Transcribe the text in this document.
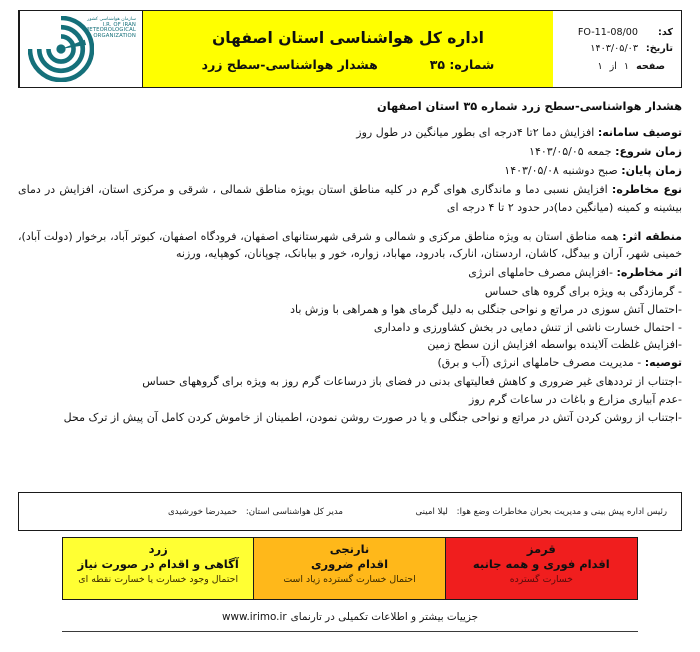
کد:
FO-11-08/00
تاریخ:
۱۴۰۳/۰۵/۰۳
صفحه
۱
از
۱
اداره کل هواشناسی استان اصفهان
شماره: ۳۵
هشدار هواشناسی-سطح زرد
سازمان هواشناسی کشور
I.R. OF IRAN
METEOROLOGICAL
ORGANIZATION
هشدار هواشناسی-سطح زرد شماره ۳۵ استان اصفهان
توصیف سامانه: افزایش دما ۲تا ۴درجه ای بطور میانگین در طول روز
زمان شروع: جمعه ۱۴۰۳/۰۵/۰۵
زمان پایان: صبح دوشنبه ۱۴۰۳/۰۵/۰۸
نوع مخاطره: افزایش نسبی دما و ماندگاری هوای گرم در کلیه مناطق استان بویژه مناطق شمالی ، شرقی و مرکزی استان، افزایش در دمای بیشینه و کمینه (میانگین دما)در حدود ۲ تا ۴ درجه ای
منطقه اثر: همه مناطق استان به ویژه مناطق مرکزی و شمالی و شرقی شهرستانهای اصفهان، فرودگاه اصفهان، کبوتر آباد، برخوار (دولت آباد)، خمینی شهر، آران و بیدگل، کاشان، اردستان، انارک، بادرود، مهاباد، زواره، خور و بیابانک، چوپانان، کوهپایه، ورزنه
اثر مخاطره: -افزایش مصرف حاملهای انرژی
- گرمازدگی به ویژه برای گروه های حساس
-احتمال آتش سوزی در مراتع و نواحی جنگلی به دلیل گرمای هوا و همراهی با وزش باد
- احتمال خسارت ناشی از تنش دمایی در بخش کشاورزی و دامداری
-افزایش غلظت آلاینده بواسطه افزایش ازن سطح زمین
توصیه: - مدیریت مصرف حاملهای انرژی (آب و برق)
-اجتناب از ترددهای غیر ضروری و کاهش فعالیتهای بدنی در فضای باز درساعات گرم روز به ویژه برای گروههای حساس
-عدم آبیاری مزارع و باغات در ساعات گرم روز
-اجتناب از روشن کردن آتش در مراتع و نواحی جنگلی و یا در صورت روشن نمودن، اطمینان از خاموش کردن کامل آن پیش از ترک محل
رئیس اداره پیش بینی و مدیریت بحران مخاطرات وضع هوا: لیلا امینی
مدیر کل هواشناسی استان: حمیدرضا خورشیدی
قرمز
اقدام فوری و همه جانبه
خسارت گسترده
نارنجی
اقدام ضروری
احتمال خسارت گسترده زیاد است
زرد
آگاهی و اقدام در صورت نیاز
احتمال وجود خسارت یا خسارت نقطه ای
جزییات بیشتر و اطلاعات تکمیلی در تارنمایwww.irimo.ir
